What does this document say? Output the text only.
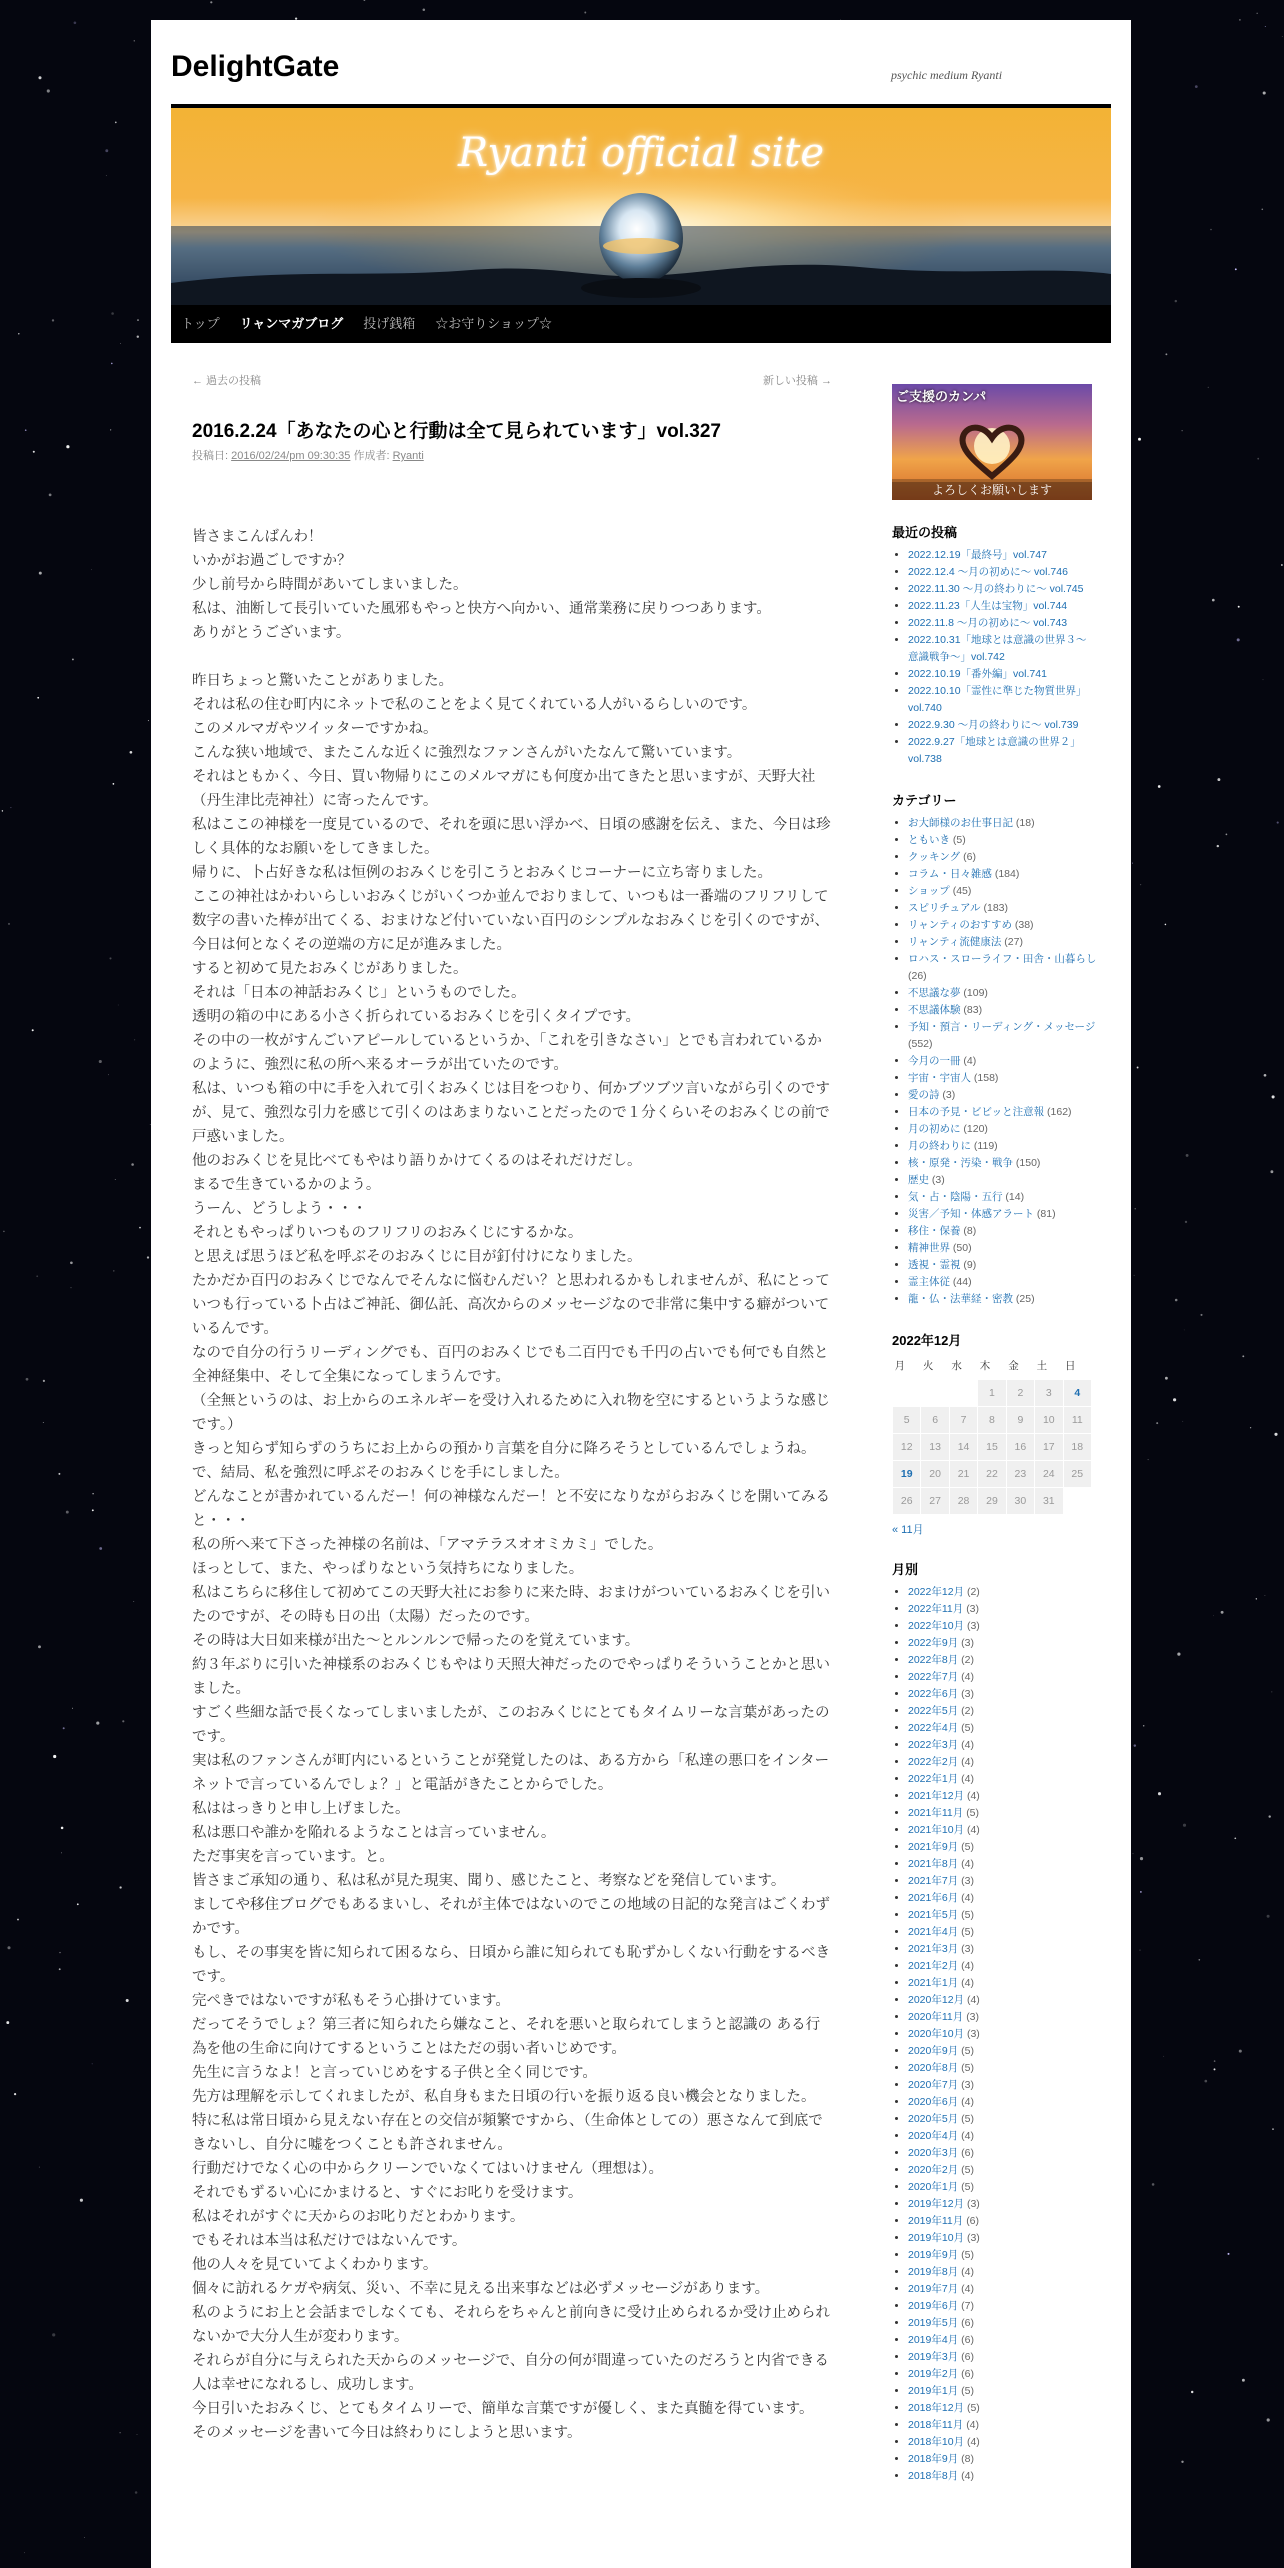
DelightGate	psychic medium Ryanti
Ryanti official site
トップ	リャンマガブログ	投げ銭箱	☆お守りショップ☆
← 過去の投稿	新しい投稿 →
2016.2.24「あなたの心と行動は全て見られています」vol.327
投稿日: 2016/02/24/pm 09:30:35 作成者: Ryanti

皆さまこんばんわ！

いかがお過ごしですか？

少し前号から時間があいてしまいました。

私は、油断して長引いていた風邪もやっと快方へ向かい、通常業務に戻りつつあります。

ありがとうございます。

昨日ちょっと驚いたことがありました。

それは私の住む町内にネットで私のことをよく見てくれている人がいるらしいのです。

このメルマガやツイッターですかね。

こんな狭い地域で、またこんな近くに強烈なファンさんがいたなんて驚いています。

それはともかく、今日、買い物帰りにこのメルマガにも何度か出てきたと思いますが、天野大社（丹生津比売神社）に寄ったんです。

私はここの神様を一度見ているので、それを頭に思い浮かべ、日頃の感謝を伝え、また、今日は珍しく具体的なお願いをしてきました。

帰りに、卜占好きな私は恒例のおみくじを引こうとおみくじコーナーに立ち寄りました。

ここの神社はかわいらしいおみくじがいくつか並んでおりまして、いつもは一番端のフリフリして数字の書いた棒が出てくる、おまけなど付いていない百円のシンプルなおみくじを引くのですが、今日は何となくその逆端の方に足が進みました。

すると初めて見たおみくじがありました。

それは「日本の神話おみくじ」というものでした。

透明の箱の中にある小さく折られているおみくじを引くタイプです。

その中の一枚がすんごいアピールしているというか、「これを引きなさい」とでも言われているかのように、強烈に私の所へ来るオーラが出ていたのです。

私は、いつも箱の中に手を入れて引くおみくじは目をつむり、何かブツブツ言いながら引くのですが、見て、強烈な引力を感じて引くのはあまりないことだったので１分くらいそのおみくじの前で戸惑いました。

他のおみくじを見比べてもやはり語りかけてくるのはそれだけだし。

まるで生きているかのよう。

うーん、どうしよう・・・

それともやっぱりいつものフリフリのおみくじにするかな。

と思えば思うほど私を呼ぶそのおみくじに目が釘付けになりました。

たかだか百円のおみくじでなんでそんなに悩むんだい？と思われるかもしれませんが、私にとっていつも行っている卜占はご神託、御仏託、高次からのメッセージなので非常に集中する癖がついているんです。

なので自分の行うリーディングでも、百円のおみくじでも二百円でも千円の占いでも何でも自然と全神経集中、そして全集になってしまうんです。

（全無というのは、お上からのエネルギーを受け入れるために入れ物を空にするというような感じです。）

きっと知らず知らずのうちにお上からの預かり言葉を自分に降ろそうとしているんでしょうね。

で、結局、私を強烈に呼ぶそのおみくじを手にしました。

どんなことが書かれているんだー！何の神様なんだー！と不安になりながらおみくじを開いてみると・・・

私の所へ来て下さった神様の名前は、「アマテラスオオミカミ」でした。

ほっとして、また、やっぱりなという気持ちになりました。

私はこちらに移住して初めてこの天野大社にお参りに来た時、おまけがついているおみくじを引いたのですが、その時も日の出（太陽）だったのです。

その時は大日如来様が出た～とルンルンで帰ったのを覚えています。

約３年ぶりに引いた神様系のおみくじもやはり天照大神だったのでやっぱりそういうことかと思いました。

すごく些細な話で長くなってしまいましたが、このおみくじにとてもタイムリーな言葉があったのです。

実は私のファンさんが町内にいるということが発覚したのは、ある方から「私達の悪口をインターネットで言っているんでしょ？」と電話がきたことからでした。

私ははっきりと申し上げました。

私は悪口や誰かを陥れるようなことは言っていません。

ただ事実を言っています。と。

皆さまご承知の通り、私は私が見た現実、聞り、感じたこと、考察などを発信しています。

ましてや移住ブログでもあるまいし、それが主体ではないのでこの地域の日記的な発言はごくわずかです。

もし、その事実を皆に知られて困るなら、日頃から誰に知られても恥ずかしくない行動をするべきです。

完ぺきではないですが私もそう心掛けています。

だってそうでしょ？第三者に知られたら嫌なこと、それを悪いと取られてしまうと認識の ある行為を他の生命に向けてするということはただの弱い者いじめです。

先生に言うなよ！と言っていじめをする子供と全く同じです。

先方は理解を示してくれましたが、私自身もまた日頃の行いを振り返る良い機会となりました。

特に私は常日頃から見えない存在との交信が頻繁ですから、（生命体としての）悪さなんて到底できないし、自分に嘘をつくことも許されません。

行動だけでなく心の中からクリーンでいなくてはいけません（理想は）。

それでもずるい心にかまけると、すぐにお叱りを受けます。

私はそれがすぐに天からのお叱りだとわかります。

でもそれは本当は私だけではないんです。

他の人々を見ていてよくわかります。

個々に訪れるケガや病気、災い、不幸に見える出来事などは必ずメッセージがあります。

私のようにお上と会話までしなくても、それらをちゃんと前向きに受け止められるか受け止められないかで大分人生が変わります。

それらが自分に与えられた天からのメッセージで、自分の何が間違っていたのだろうと内省できる人は幸せになれるし、成功します。

今日引いたおみくじ、とてもタイムリーで、簡単な言葉ですが優しく、また真髄を得ています。

そのメッセージを書いて今日は終わりにしようと思います。

ご支援のカンパ
よろしくお願いします
最近の投稿
• 2022.12.19「最終号」vol.747
• 2022.12.4 ～月の初めに～ vol.746
• 2022.11.30 ～月の終わりに～ vol.745
• 2022.11.23「人生は宝物」vol.744
• 2022.11.8 ～月の初めに～ vol.743
• 2022.10.31「地球とは意識の世界３～意識戦争～」vol.742
• 2022.10.19「番外編」vol.741
• 2022.10.10「霊性に準じた物質世界」vol.740
• 2022.9.30 ～月の終わりに～ vol.739
• 2022.9.27「地球とは意識の世界２」vol.738
カテゴリー
• お大師様のお仕事日記 (18)
• ともいき (5)
• クッキング (6)
• コラム・日々雑感 (184)
• ショップ (45)
• スピリチュアル (183)
• リャンティのおすすめ (38)
• リャンティ流健康法 (27)
• ロハス・スローライフ・田舎・山暮らし (26)
• 不思議な夢 (109)
• 不思議体験 (83)
• 予知・預言・リーディング・メッセージ (552)
• 今月の一冊 (4)
• 宇宙・宇宙人 (158)
• 愛の詩 (3)
• 日本の予見・ビビッと注意報 (162)
• 月の初めに (120)
• 月の終わりに (119)
• 核・原発・汚染・戦争 (150)
• 歴史 (3)
• 気・占・陰陽・五行 (14)
• 災害／予知・体感アラート (81)
• 移住・保養 (8)
• 精神世界 (50)
• 透視・霊視 (9)
• 霊主体従 (44)
• 龍・仏・法華経・密教 (25)
2022年12月
月	火	水	木	金	土	日
			1	2	3	4
5	6	7	8	9	10	11
12	13	14	15	16	17	18
19	20	21	22	23	24	25
26	27	28	29	30	31	
« 11月
月別
• 2022年12月 (2)
• 2022年11月 (3)
• 2022年10月 (3)
• 2022年9月 (3)
• 2022年8月 (2)
• 2022年7月 (4)
• 2022年6月 (3)
• 2022年5月 (2)
• 2022年4月 (5)
• 2022年3月 (4)
• 2022年2月 (4)
• 2022年1月 (4)
• 2021年12月 (4)
• 2021年11月 (5)
• 2021年10月 (4)
• 2021年9月 (5)
• 2021年8月 (4)
• 2021年7月 (3)
• 2021年6月 (4)
• 2021年5月 (5)
• 2021年4月 (5)
• 2021年3月 (3)
• 2021年2月 (4)
• 2021年1月 (4)
• 2020年12月 (4)
• 2020年11月 (3)
• 2020年10月 (3)
• 2020年9月 (5)
• 2020年8月 (5)
• 2020年7月 (3)
• 2020年6月 (4)
• 2020年5月 (5)
• 2020年4月 (4)
• 2020年3月 (6)
• 2020年2月 (5)
• 2020年1月 (5)
• 2019年12月 (3)
• 2019年11月 (6)
• 2019年10月 (3)
• 2019年9月 (5)
• 2019年8月 (4)
• 2019年7月 (4)
• 2019年6月 (7)
• 2019年5月 (6)
• 2019年4月 (6)
• 2019年3月 (6)
• 2019年2月 (6)
• 2019年1月 (5)
• 2018年12月 (5)
• 2018年11月 (4)
• 2018年10月 (4)
• 2018年9月 (8)
• 2018年8月 (4)
